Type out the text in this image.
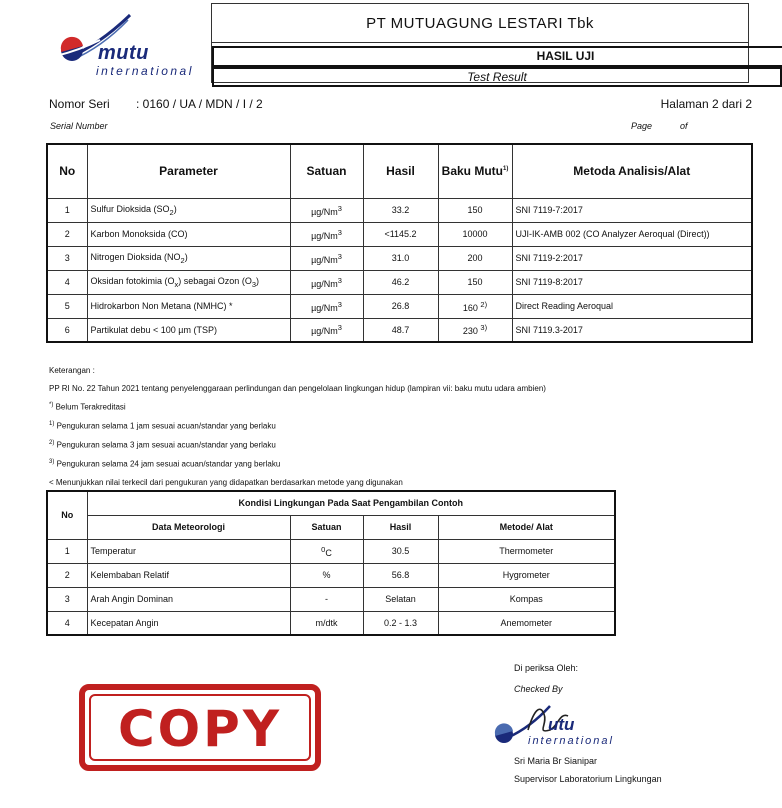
mutu
international
PT MUTUAGUNG LESTARI Tbk
HASIL UJI
Test Result
Nomor Seri : 0160 / UA / MDN / I / 2
Serial Number
Halaman 2 dari 2
Page	of
No	Parameter	Satuan	Hasil	Baku Mutu$^{1)}$	Metoda Analisis/Alat
1	Sulfur Dioksida $(SO_2)$	µg/Nm$^3$	33.2	150	SNI 7119-7:2017
2	Karbon Monoksida (CO)	$\mu g/Nm^3$	<1145.2	10000	UJI-IK-AMB 002 (CO Analyzer Aeroqual (Direct))
3	Nitrogen Dioksida $(NO_2)$	µg/Nm$^3$	31.0	200	SNI 7119-2:2017
4	Oksidan fotokimia $(O_x)$ sebagai Ozon $(O_3)$	µg/Nm$^3$	46.2	150	SNI 7119-8:2017
5	Hidrokarbon Non Metana (NMHC) *	µg/Nm$^3$	26.8	160 $^{2)}$	Direct Reading Aeroqual
6	Partikulat debu < 100 µm (TSP)	µg/Nm$^3$	48.7	230 $^{3)}$	SNI 7119.3-2017
Keterangan :
PP RI No. 22 Tahun 2021 tentang penyelenggaraan perlindungan dan pengelolaan lingkungan hidup (lampiran vii: baku mutu udara ambien)
*) Belum Terakreditasi
$^{1)}$ Pengukuran selama 1 jam sesuai acuan/standar yang berlaku
$^{2)}$ Pengukuran selama 3 jam sesuai acuan/standar yang berlaku
$^{3)}$ Pengukuran selama 24 jam sesuai acuan/standar yang berlaku
< Menunjukkan nilai terkecil dari pengukuran yang didapatkan berdasarkan metode yang digunakan
No	Kondisi Lingkungan Pada Saat Pengambilan Contoh			
	Data Meteorologi	Satuan	Hasil	Metode/ Alat
1	Temperatur	$^0$C	30.5	Thermometer
2	Kelembaban Relatif	%	56.8	Hygrometer
3	Arah Angin Dominan	-	Selatan	Kompas
4	Kecepatan Angin	m/dtk	0.2 - 1.3	Anemometer
COPY
Di periksa Oleh:
Checked By
utu
international
Sri Maria Br Sianipar
Supervisor Laboratorium Lingkungan
